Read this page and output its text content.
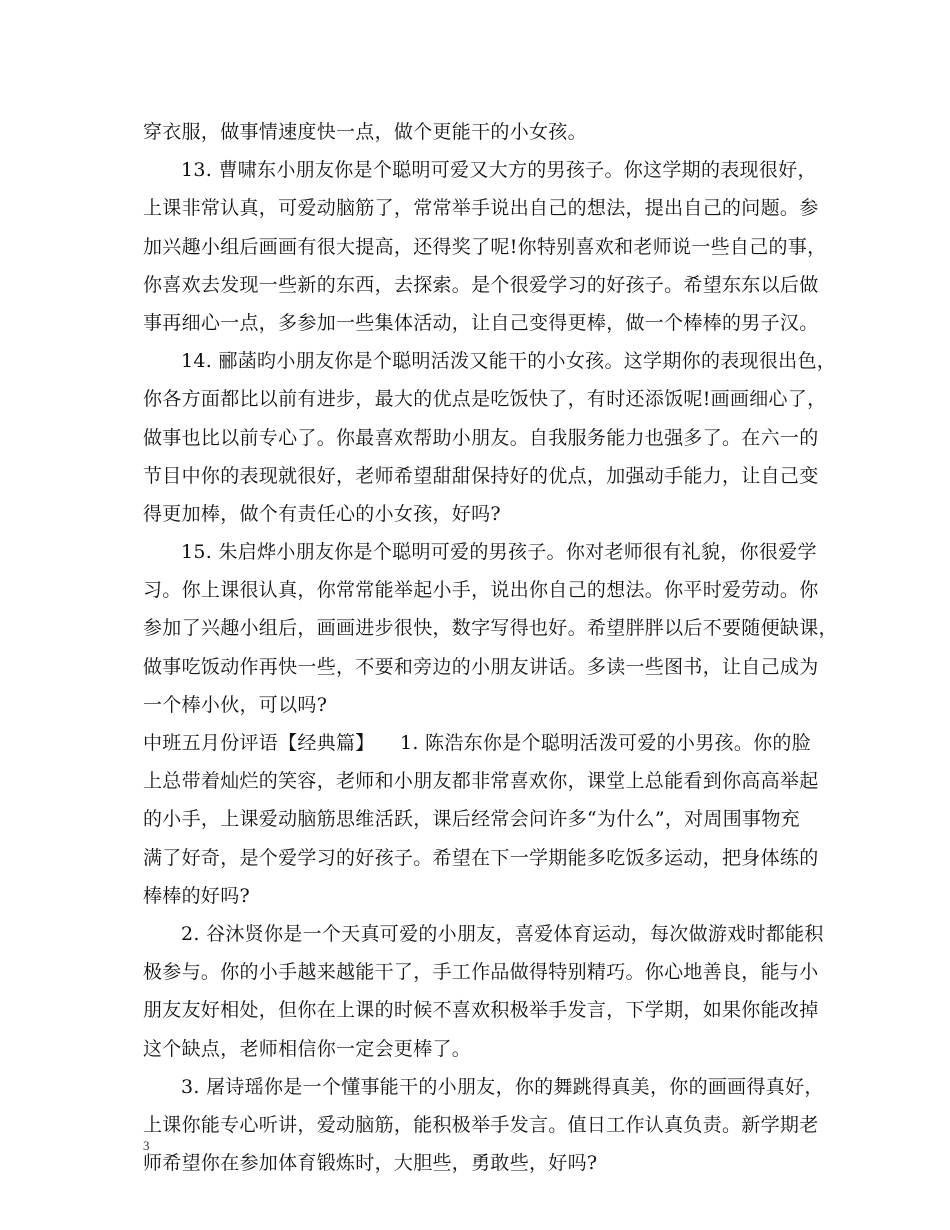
穿衣服，做事情速度快一点，做个更能干的小女孩。

13. 曹啸东小朋友你是个聪明可爱又大方的男孩子。你这学期的表现很好，
上课非常认真，可爱动脑筋了，常常举手说出自己的想法，提出自己的问题。参
加兴趣小组后画画有很大提高，还得奖了呢!你特别喜欢和老师说一些自己的事，
你喜欢去发现一些新的东西，去探索。是个很爱学习的好孩子。希望东东以后做
事再细心一点，多参加一些集体活动，让自己变得更棒，做一个棒棒的男子汉。

14. 郦菡昀小朋友你是个聪明活泼又能干的小女孩。这学期你的表现很出色，
你各方面都比以前有进步，最大的优点是吃饭快了，有时还添饭呢!画画细心了，
做事也比以前专心了。你最喜欢帮助小朋友。自我服务能力也强多了。在六一的
节目中你的表现就很好，老师希望甜甜保持好的优点，加强动手能力，让自己变
得更加棒，做个有责任心的小女孩，好吗?

15. 朱启烨小朋友你是个聪明可爱的男孩子。你对老师很有礼貌，你很爱学
习。你上课很认真，你常常能举起小手，说出你自己的想法。你平时爱劳动。你
参加了兴趣小组后，画画进步很快，数字写得也好。希望胖胖以后不要随便缺课，
做事吃饭动作再快一些，不要和旁边的小朋友讲话。多读一些图书，让自己成为
一个棒小伙，可以吗?

中班五月份评语【经典篇】    1. 陈浩东你是个聪明活泼可爱的小男孩。你的脸
上总带着灿烂的笑容，老师和小朋友都非常喜欢你，课堂上总能看到你高高举起
的小手，上课爱动脑筋思维活跃，课后经常会问许多“为什么”，对周围事物充
满了好奇，是个爱学习的好孩子。希望在下一学期能多吃饭多运动，把身体练的
棒棒的好吗?

2. 谷沐贤你是一个天真可爱的小朋友，喜爱体育运动，每次做游戏时都能积
极参与。你的小手越来越能干了，手工作品做得特别精巧。你心地善良，能与小
朋友友好相处，但你在上课的时候不喜欢积极举手发言，下学期，如果你能改掉
这个缺点，老师相信你一定会更棒了。

3. 屠诗瑶你是一个懂事能干的小朋友，你的舞跳得真美，你的画画得真好，
上课你能专心听讲，爱动脑筋，能积极举手发言。值日工作认真负责。新学期老
师希望你在参加体育锻炼时，大胆些，勇敢些，好吗?

3
